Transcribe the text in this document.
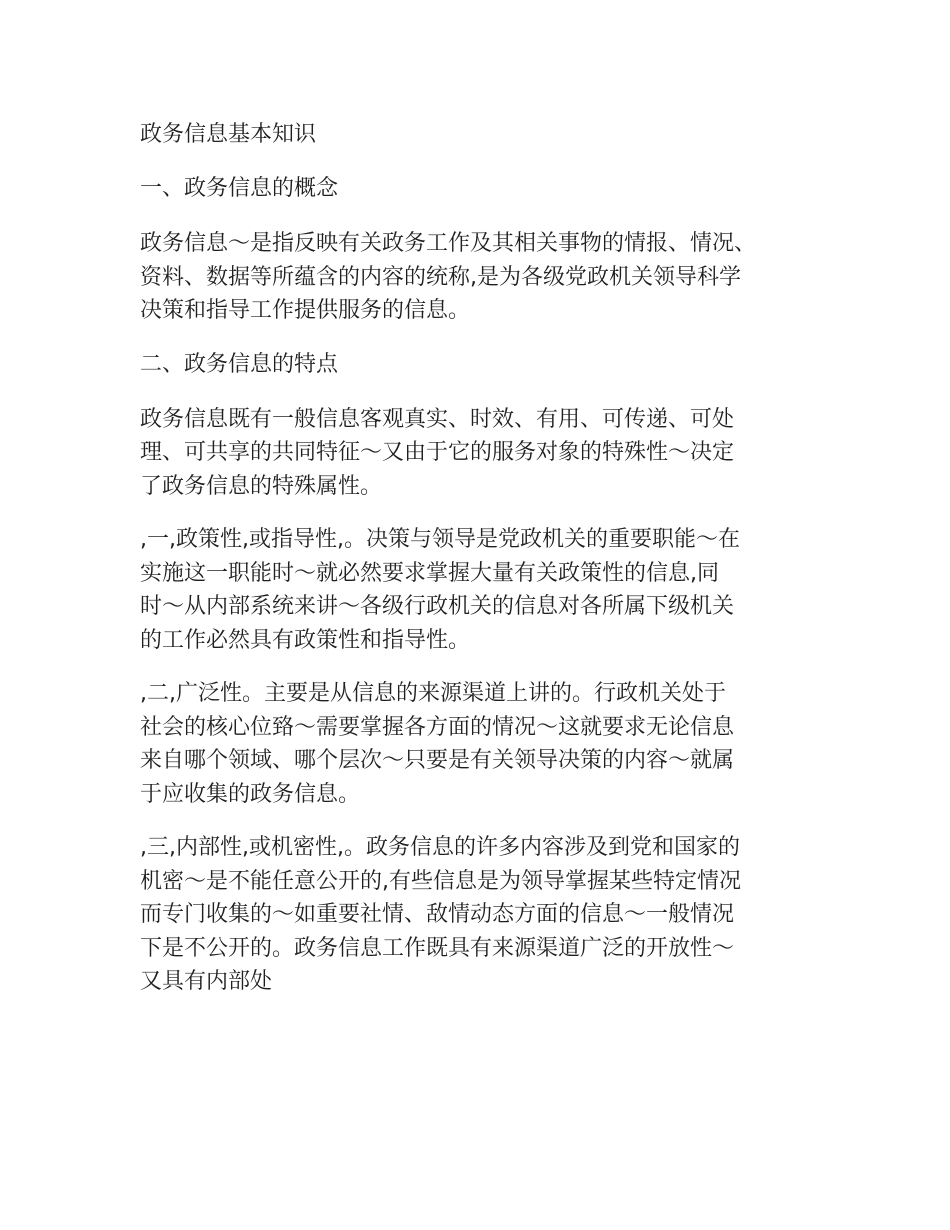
政务信息基本知识
一、政务信息的概念
政务信息～是指反映有关政务工作及其相关事物的情报、情况、
资料、数据等所蕴含的内容的统称,是为各级党政机关领导科学
决策和指导工作提供服务的信息。
二、政务信息的特点
政务信息既有一般信息客观真实、时效、有用、可传递、可处
理、可共享的共同特征～又由于它的服务对象的特殊性～决定
了政务信息的特殊属性。
,一,政策性,或指导性,。决策与领导是党政机关的重要职能～在
实施这一职能时～就必然要求掌握大量有关政策性的信息,同
时～从内部系统来讲～各级行政机关的信息对各所属下级机关
的工作必然具有政策性和指导性。
,二,广泛性。主要是从信息的来源渠道上讲的。行政机关处于
社会的核心位臵～需要掌握各方面的情况～这就要求无论信息
来自哪个领域、哪个层次～只要是有关领导决策的内容～就属
于应收集的政务信息。
,三,内部性,或机密性,。政务信息的许多内容涉及到党和国家的
机密～是不能任意公开的,有些信息是为领导掌握某些特定情况
而专门收集的～如重要社情、敌情动态方面的信息～一般情况
下是不公开的。政务信息工作既具有来源渠道广泛的开放性～
又具有内部处
